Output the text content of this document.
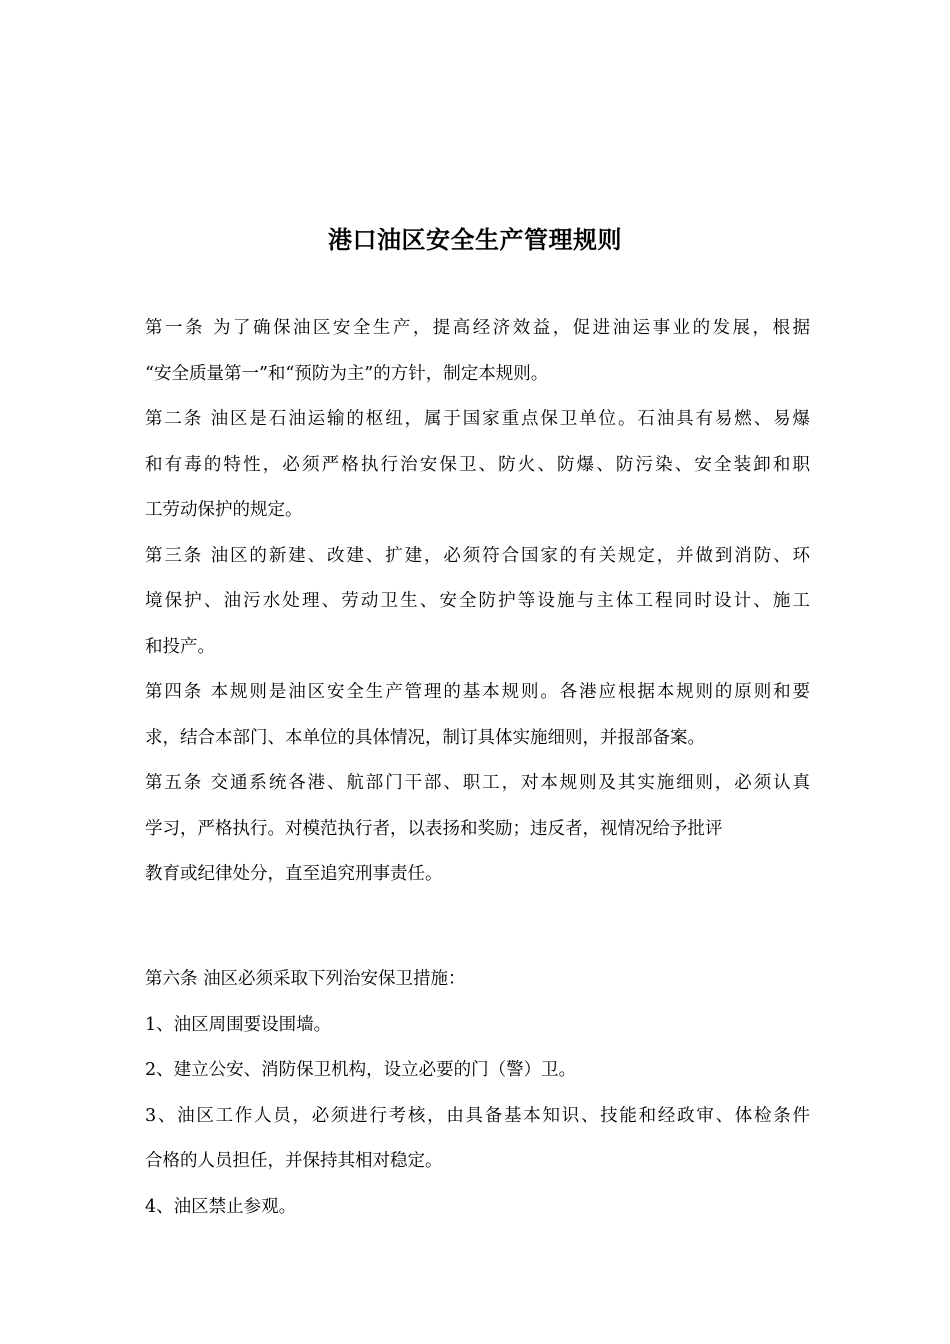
港口油区安全生产管理规则
第一条 为了确保油区安全生产，提高经济效益，促进油运事业的发展，根据
“安全质量第一”和“预防为主”的方针，制定本规则。
第二条 油区是石油运输的枢纽，属于国家重点保卫单位。石油具有易燃、易爆
和有毒的特性，必须严格执行治安保卫、防火、防爆、防污染、安全装卸和职
工劳动保护的规定。
第三条 油区的新建、改建、扩建，必须符合国家的有关规定，并做到消防、环
境保护、油污水处理、劳动卫生、安全防护等设施与主体工程同时设计、施工
和投产。
第四条 本规则是油区安全生产管理的基本规则。各港应根据本规则的原则和要
求，结合本部门、本单位的具体情况，制订具体实施细则，并报部备案。
第五条 交通系统各港、航部门干部、职工，对本规则及其实施细则，必须认真
学习，严格执行。对模范执行者，以表扬和奖励；违反者，视情况给予批评
教育或纪律处分，直至追究刑事责任。
第六条 油区必须采取下列治安保卫措施：
1、油区周围要设围墙。
2、建立公安、消防保卫机构，设立必要的门（警）卫。
3、油区工作人员，必须进行考核，由具备基本知识、技能和经政审、体检条件
合格的人员担任，并保持其相对稳定。
4、油区禁止参观。
